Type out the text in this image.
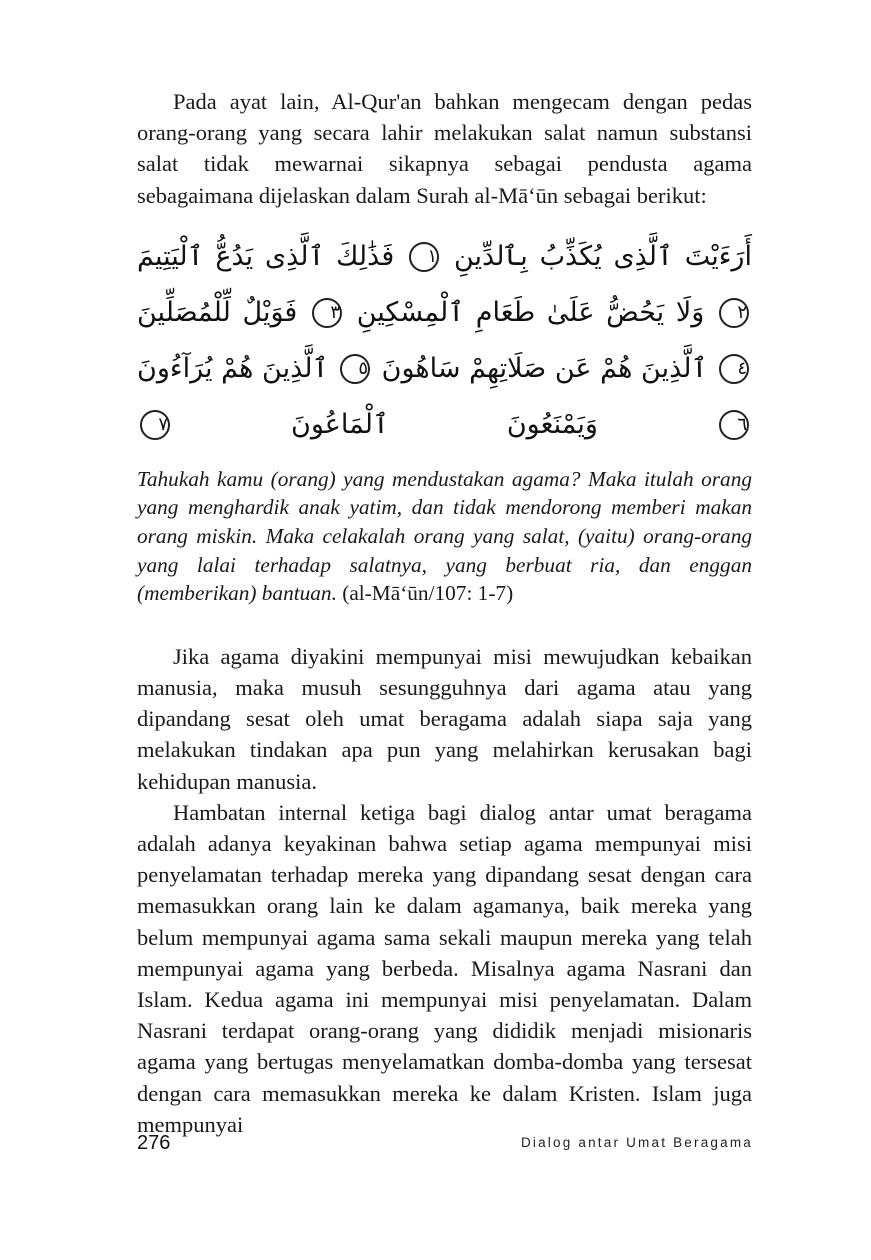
Pada ayat lain, Al-Qur'an bahkan mengecam dengan pedas orang-orang yang secara lahir melakukan salat namun substansi salat tidak mewarnai sikapnya sebagai pendusta agama sebagaimana dijelaskan dalam Surah al-Mā‘ūn sebagai berikut:

أَرَءَيْتَ ٱلَّذِى يُكَذِّبُ بِٱلدِّينِ ١ فَذَٰلِكَ ٱلَّذِى يَدُعُّ ٱلْيَتِيمَ ٢ وَلَا يَحُضُّ عَلَىٰ طَعَامِ ٱلْمِسْكِينِ ٣ فَوَيْلٌ لِّلْمُصَلِّينَ ٤ ٱلَّذِينَ هُمْ عَن صَلَاتِهِمْ سَاهُونَ ٥ ٱلَّذِينَ هُمْ يُرَآءُونَ ٦ وَيَمْنَعُونَ ٱلْمَاعُونَ ٧

Tahukah kamu (orang) yang mendustakan agama? Maka itulah orang yang menghardik anak yatim, dan tidak mendorong memberi makan orang miskin. Maka celakalah orang yang salat, (yaitu) orang-orang yang lalai terhadap salatnya, yang berbuat ria, dan enggan (memberikan) bantuan. (al-Mā‘ūn/107: 1-7)

Jika agama diyakini mempunyai misi mewujudkan kebaikan manusia, maka musuh sesungguhnya dari agama atau yang dipandang sesat oleh umat beragama adalah siapa saja yang melakukan tindakan apa pun yang melahirkan kerusakan bagi kehidupan manusia.

Hambatan internal ketiga bagi dialog antar umat beragama adalah adanya keyakinan bahwa setiap agama mempunyai misi penyelamatan terhadap mereka yang dipandang sesat dengan cara memasukkan orang lain ke dalam agamanya, baik mereka yang belum mempunyai agama sama sekali maupun mereka yang telah mempunyai agama yang berbeda. Misalnya agama Nasrani dan Islam. Kedua agama ini mempunyai misi penyelamatan. Dalam Nasrani terdapat orang-orang yang dididik menjadi misionaris agama yang bertugas menyelamatkan domba-domba yang tersesat dengan cara memasukkan mereka ke dalam Kristen. Islam juga mempunyai

276	Dialog antar Umat Beragama
